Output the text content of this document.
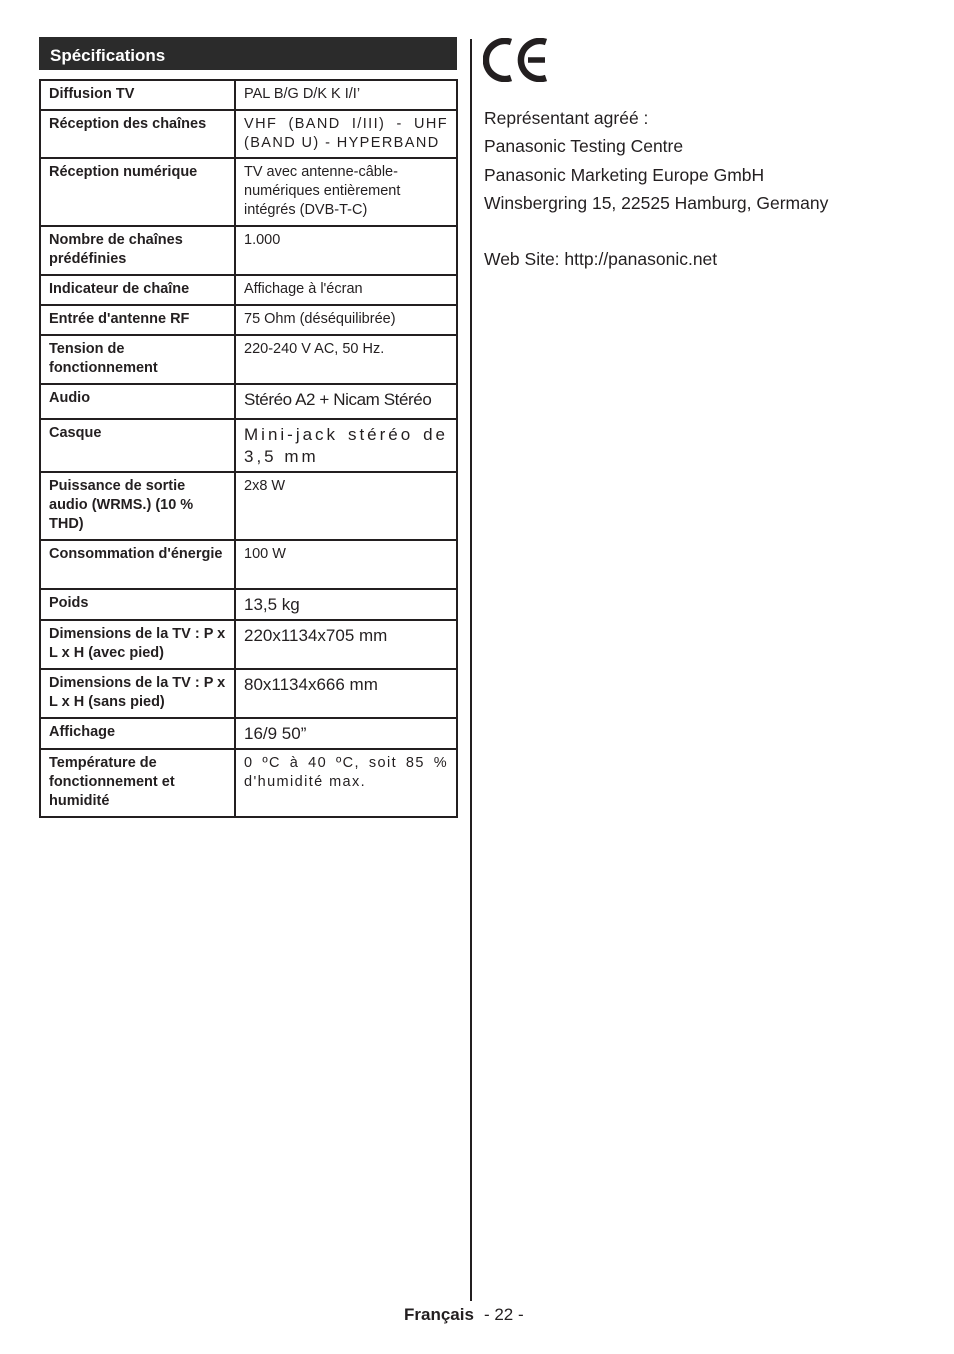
Spécifications
Diffusion TV	PAL B/G D/K K I/I’
Réception des chaînes	VHF (BAND I/III) - UHF (BAND U) - HYPERBAND
Réception numérique	TV avec antenne-câble-numériques entièrement intégrés (DVB-T-C)
Nombre de chaînes prédéfinies	1.000
Indicateur de chaîne	Affichage à l'écran
Entrée d'antenne RF	75 Ohm (déséquilibrée)
Tension de fonctionnement	220-240 V AC, 50 Hz.
Audio	Stéréo A2 + Nicam Stéréo
Casque	Mini-jack stéréo de 3,5 mm
Puissance de sortie audio (WRMS.) (10 % THD)	2x8 W
Consommation d'énergie	100 W
Poids	13,5 kg
Dimensions de la TV : P x L x H (avec pied)	220x1134x705 mm
Dimensions de la TV : P x L x H (sans pied)	80x1134x666 mm
Affichage	16/9 50”
Température de fonctionnement et humidité	0 ºC à 40 ºC, soit 85 % d'humidité max.
Représentant agréé :
Panasonic Testing Centre
Panasonic Marketing Europe GmbH
Winsbergring 15, 22525 Hamburg, Germany
Web Site: http://panasonic.net
Français - 22 -
